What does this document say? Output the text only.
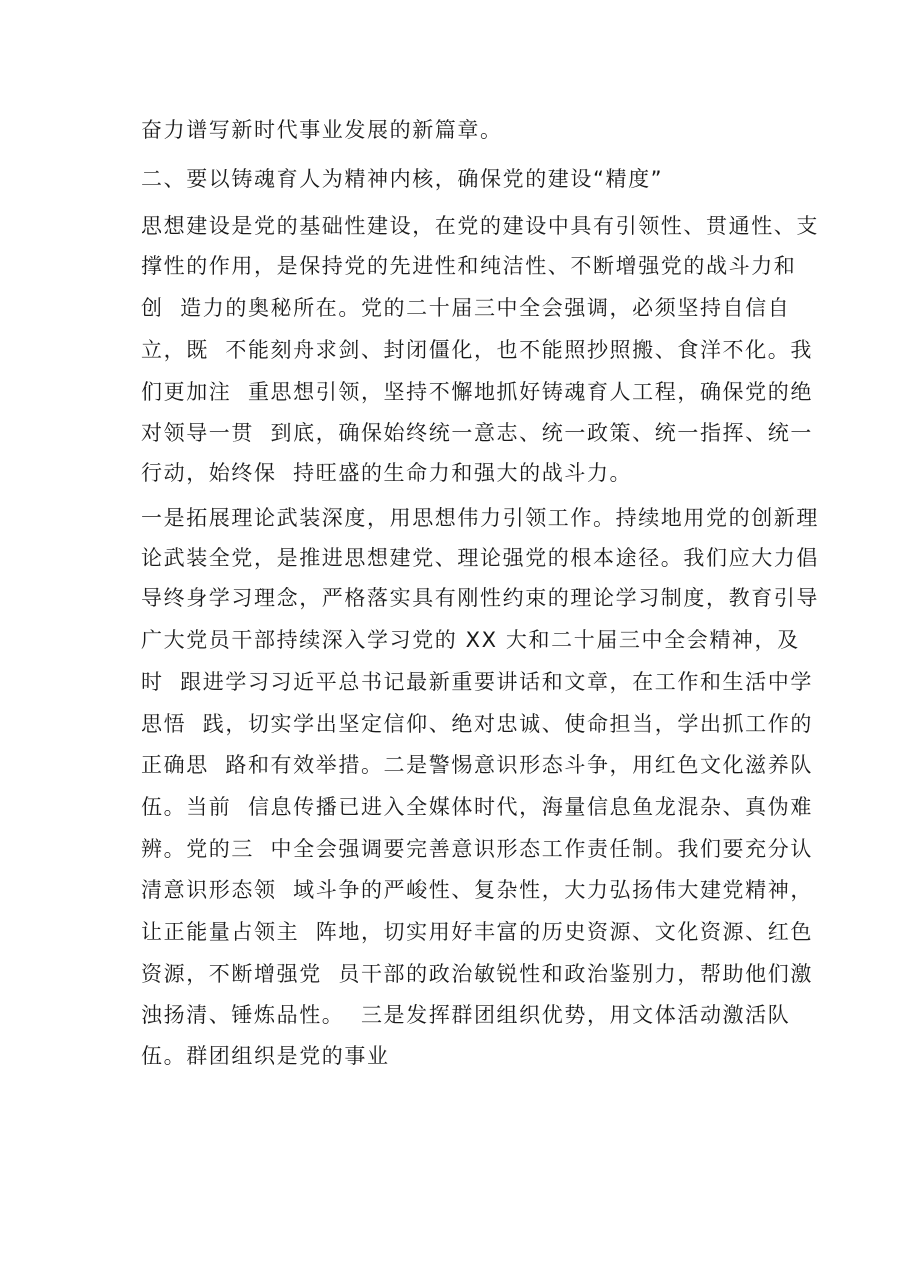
奋力谱写新时代事业发展的新篇章。
二、要以铸魂育人为精神内核，确保党的建设“精度”
思想建设是党的基础性建设，在党的建设中具有引领性、贯通性、支
撑性的作用，是保持党的先进性和纯洁性、不断增强党的战斗力和
创  造力的奥秘所在。党的二十届三中全会强调，必须坚持自信自
立，既  不能刻舟求剑、封闭僵化，也不能照抄照搬、食洋不化。我
们更加注  重思想引领，坚持不懈地抓好铸魂育人工程，确保党的绝
对领导一贯  到底，确保始终统一意志、统一政策、统一指挥、统一
行动，始终保  持旺盛的生命力和强大的战斗力。
一是拓展理论武装深度，用思想伟力引领工作。持续地用党的创新理
论武装全党，是推进思想建党、理论强党的根本途径。我们应大力倡
导终身学习理念，严格落实具有刚性约束的理论学习制度，教育引导
广大党员干部持续深入学习党的 XX 大和二十届三中全会精神，及
时  跟进学习习近平总书记最新重要讲话和文章，在工作和生活中学
思悟  践，切实学出坚定信仰、绝对忠诚、使命担当，学出抓工作的
正确思  路和有效举措。二是警惕意识形态斗争，用红色文化滋养队
伍。当前  信息传播已进入全媒体时代，海量信息鱼龙混杂、真伪难
辨。党的三  中全会强调要完善意识形态工作责任制。我们要充分认
清意识形态领  域斗争的严峻性、复杂性，大力弘扬伟大建党精神，
让正能量占领主  阵地，切实用好丰富的历史资源、文化资源、红色
资源，不断增强党  员干部的政治敏锐性和政治鉴别力，帮助他们激
浊扬清、锤炼品性。  三是发挥群团组织优势，用文体活动激活队
伍。群团组织是党的事业
